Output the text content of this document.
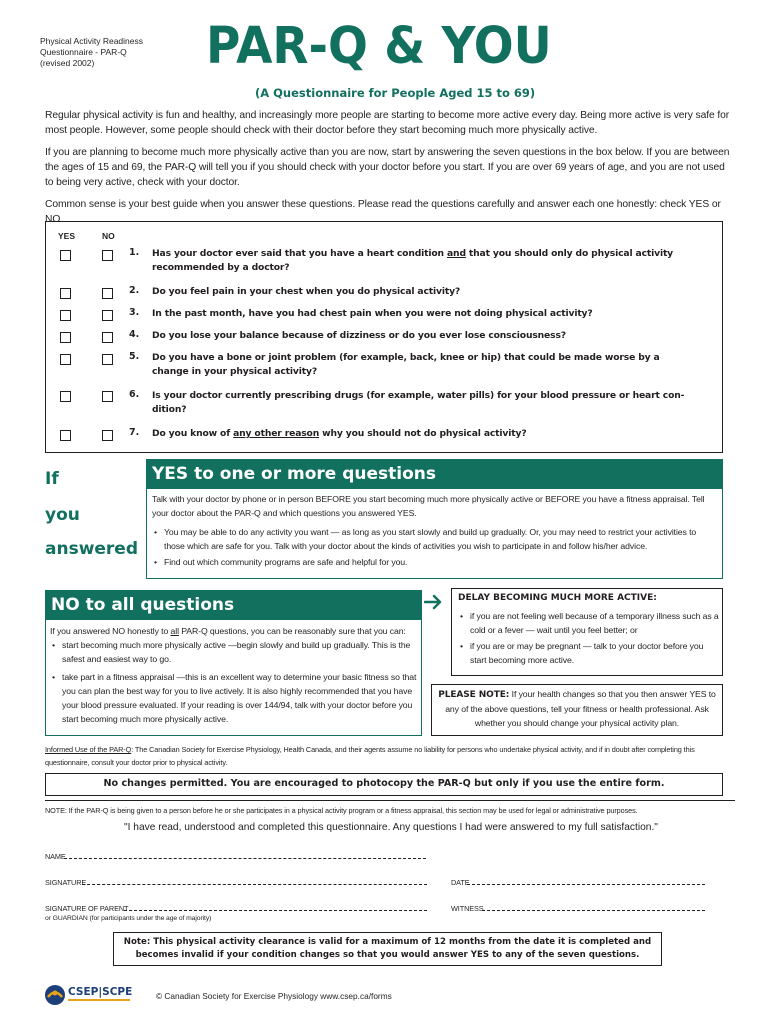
Physical Activity Readiness
Questionnaire - PAR-Q
(revised 2002)	PAR-Q & YOU
(A Questionnaire for People Aged 15 to 69)
Regular physical activity is fun and healthy, and increasingly more people are starting to become more active every day. Being more active is very safe for most people. However, some people should check with their doctor before they start becoming much more physically active.
If you are planning to become much more physically active than you are now, start by answering the seven questions in the box below. If you are between the ages of 15 and 69, the PAR-Q will tell you if you should check with your doctor before you start. If you are over 69 years of age, and you are not used to being very active, check with your doctor.
Common sense is your best guide when you answer these questions. Please read the questions carefully and answer each one honestly: check YES or NO.
YES	NO
1. Has your doctor ever said that you have a heart condition and that you should only do physical activity
recommended by a doctor?
2. Do you feel pain in your chest when you do physical activity?
3. In the past month, have you had chest pain when you were not doing physical activity?
4. Do you lose your balance because of dizziness or do you ever lose consciousness?
5. Do you have a bone or joint problem (for example, back, knee or hip) that could be made worse by a
change in your physical activity?
6. Is your doctor currently prescribing drugs (for example, water pills) for your blood pressure or heart con-
dition?
7. Do you know of any other reason why you should not do physical activity?
If
you
answered
YES to one or more questions
Talk with your doctor by phone or in person BEFORE you start becoming much more physically active or BEFORE you have a fitness appraisal. Tell your doctor about the PAR-Q and which questions you answered YES.
• You may be able to do any activity you want — as long as you start slowly and build up gradually. Or, you may need to restrict your activities to those which are safe for you. Talk with your doctor about the kinds of activities you wish to participate in and follow his/her advice.
• Find out which community programs are safe and helpful for you.
NO to all questions
If you answered NO honestly to all PAR-Q questions, you can be reasonably sure that you can:
• start becoming much more physically active —begin slowly and build up gradually. This is the safest and easiest way to go.
• take part in a fitness appraisal —this is an excellent way to determine your basic fitness so that you can plan the best way for you to live actively. It is also highly recommended that you have your blood pressure evaluated. If your reading is over 144/94, talk with your doctor before you start becoming much more physically active.
DELAY BECOMING MUCH MORE ACTIVE:
• if you are not feeling well because of a temporary illness such as a cold or a fever — wait until you feel better; or
• if you are or may be pregnant — talk to your doctor before you start becoming more active.
PLEASE NOTE: If your health changes so that you then answer YES to any of the above questions, tell your fitness or health professional. Ask whether you should change your physical activity plan.
Informed Use of the PAR-Q: The Canadian Society for Exercise Physiology, Health Canada, and their agents assume no liability for persons who undertake physical activity, and if in doubt after completing this questionnaire, consult your doctor prior to physical activity.
No changes permitted. You are encouraged to photocopy the PAR-Q but only if you use the entire form.
NOTE: If the PAR-Q is being given to a person before he or she participates in a physical activity program or a fitness appraisal, this section may be used for legal or administrative purposes.
"I have read, understood and completed this questionnaire. Any questions I had were answered to my full satisfaction."
NAME
SIGNATURE	DATE
SIGNATURE OF PARENT
or GUARDIAN (for participants under the age of majority)
WITNESS
Note: This physical activity clearance is valid for a maximum of 12 months from the date it is completed and
becomes invalid if your condition changes so that you would answer YES to any of the seven questions.
CSEP|SCPE	© Canadian Society for Exercise Physiology www.csep.ca/forms
